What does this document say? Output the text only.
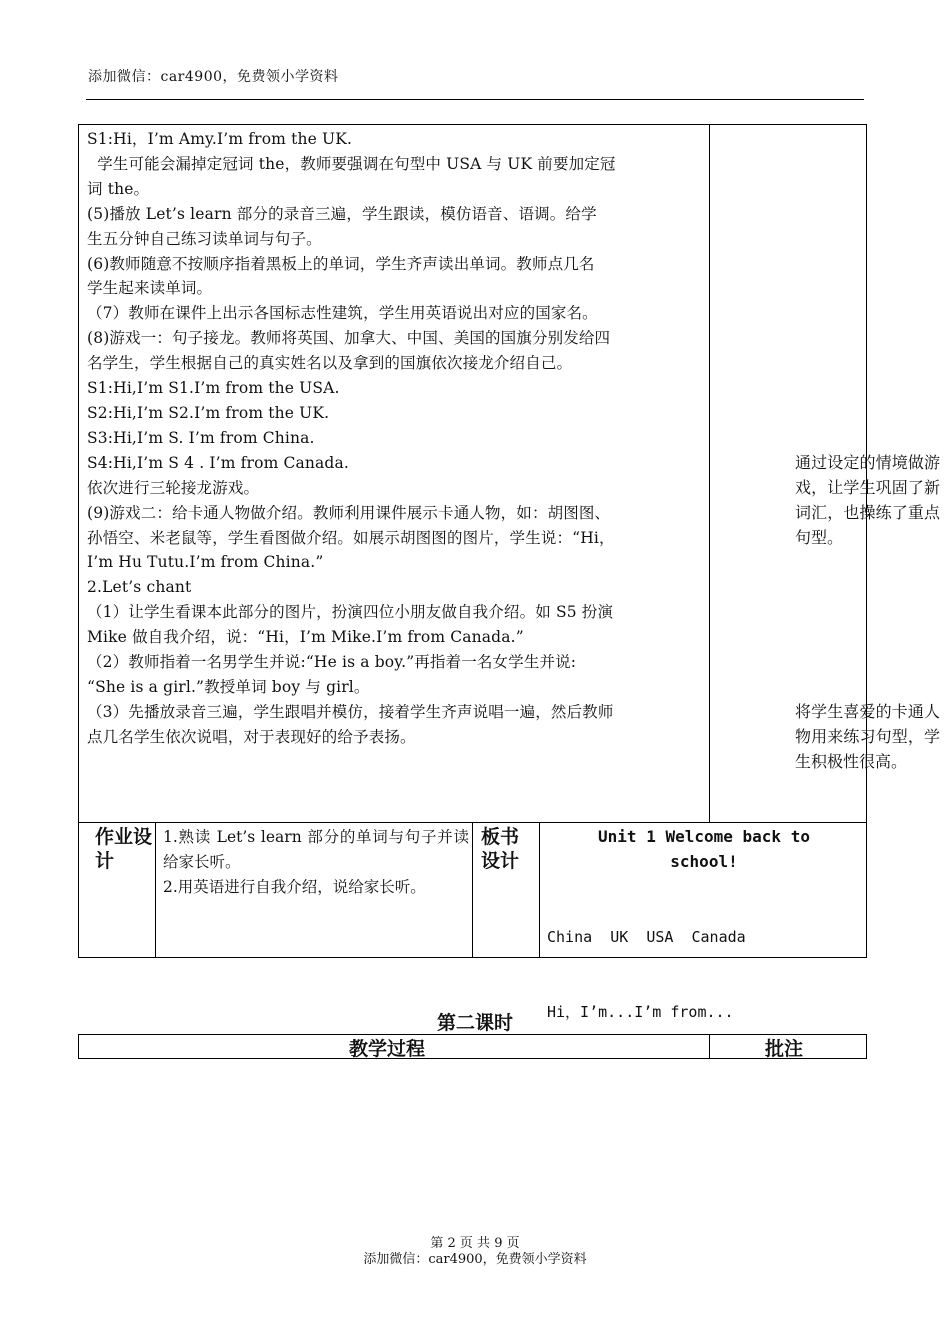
添加微信：car4900，免费领小学资料
S1:Hi，I’m Amy.I’m from the UK.
学生可能会漏掉定冠词 the，教师要强调在句型中 USA 与 UK 前要加定冠
词 the。
(5)播放 Let’s learn 部分的录音三遍，学生跟读，模仿语音、语调。给学
生五分钟自己练习读单词与句子。
(6)教师随意不按顺序指着黑板上的单词，学生齐声读出单词。教师点几名
学生起来读单词。
（7）教师在课件上出示各国标志性建筑，学生用英语说出对应的国家名。
(8)游戏一：句子接龙。教师将英国、加拿大、中国、美国的国旗分别发给四
名学生，学生根据自己的真实姓名以及拿到的国旗依次接龙介绍自己。
S1:Hi,I’m S1.I’m from the USA.
S2:Hi,I’m S2.I’m from the UK.
S3:Hi,I’m S. I’m from China.
S4:Hi,I’m S 4 . I’m from Canada.
依次进行三轮接龙游戏。
(9)游戏二：给卡通人物做介绍。教师利用课件展示卡通人物，如：胡图图、
孙悟空、米老鼠等，学生看图做介绍。如展示胡图图的图片，学生说：“Hi，
I’m Hu Tutu.I’m from China.”
2.Let’s chant
（1）让学生看课本此部分的图片，扮演四位小朋友做自我介绍。如 S5 扮演
Mike 做自我介绍，说：“Hi，I’m Mike.I’m from Canada.”
（2）教师指着一名男学生并说:“He is a boy.”再指着一名女学生并说:
“She is a girl.”教授单词 boy 与 girl。
（3）先播放录音三遍，学生跟唱并模仿，接着学生齐声说唱一遍，然后教师
点几名学生依次说唱，对于表现好的给予表扬。
通过设定的情境做游戏，让学生巩固了新词汇，也操练了重点句型。
将学生喜爱的卡通人物用来练习句型，学生积极性很高。
作业设计
1.熟读 Let’s learn 部分的单词与句子并读给家长听。
2.用英语进行自我介绍，说给家长听。
板书设计
Unit 1 Welcome back to school!

China  UK  USA  Canada

Hi，I’m...I’m from...

第二课时
教学过程	批注
第 2 页 共 9 页
添加微信：car4900，免费领小学资料
